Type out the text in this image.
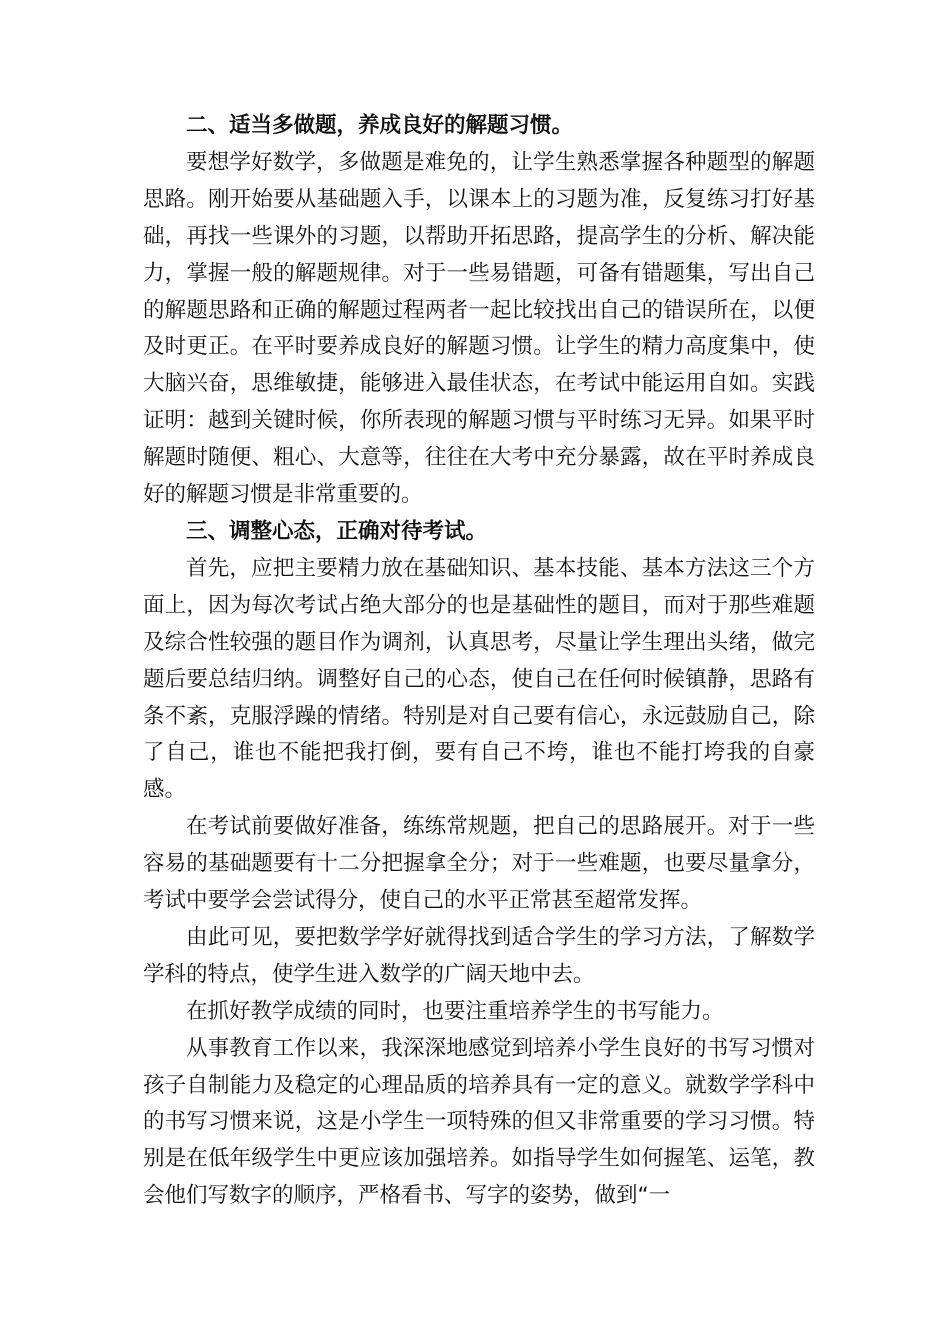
二、适当多做题，养成良好的解题习惯。

要想学好数学，多做题是难免的，让学生熟悉掌握各种题型的解题思路。刚开始要从基础题入手，以课本上的习题为准，反复练习打好基础，再找一些课外的习题，以帮助开拓思路，提高学生的分析、解决能力，掌握一般的解题规律。对于一些易错题，可备有错题集，写出自己的解题思路和正确的解题过程两者一起比较找出自己的错误所在，以便及时更正。在平时要养成良好的解题习惯。让学生的精力高度集中，使大脑兴奋，思维敏捷，能够进入最佳状态，在考试中能运用自如。实践证明：越到关键时候，你所表现的解题习惯与平时练习无异。如果平时解题时随便、粗心、大意等，往往在大考中充分暴露，故在平时养成良好的解题习惯是非常重要的。

三、调整心态，正确对待考试。

首先，应把主要精力放在基础知识、基本技能、基本方法这三个方面上，因为每次考试占绝大部分的也是基础性的题目，而对于那些难题及综合性较强的题目作为调剂，认真思考，尽量让学生理出头绪，做完题后要总结归纳。调整好自己的心态，使自己在任何时候镇静，思路有条不紊，克服浮躁的情绪。特别是对自己要有信心，永远鼓励自己，除了自己，谁也不能把我打倒，要有自己不垮，谁也不能打垮我的自豪感。

在考试前要做好准备，练练常规题，把自己的思路展开。对于一些容易的基础题要有十二分把握拿全分；对于一些难题，也要尽量拿分，考试中要学会尝试得分，使自己的水平正常甚至超常发挥。

由此可见，要把数学学好就得找到适合学生的学习方法，了解数学学科的特点，使学生进入数学的广阔天地中去。

在抓好教学成绩的同时，也要注重培养学生的书写能力。

从事教育工作以来，我深深地感觉到培养小学生良好的书写习惯对孩子自制能力及稳定的心理品质的培养具有一定的意义。就数学学科中的书写习惯来说，这是小学生一项特殊的但又非常重要的学习习惯。特别是在低年级学生中更应该加强培养。如指导学生如何握笔、运笔，教会他们写数字的顺序，严格看书、写字的姿势，做到“一
